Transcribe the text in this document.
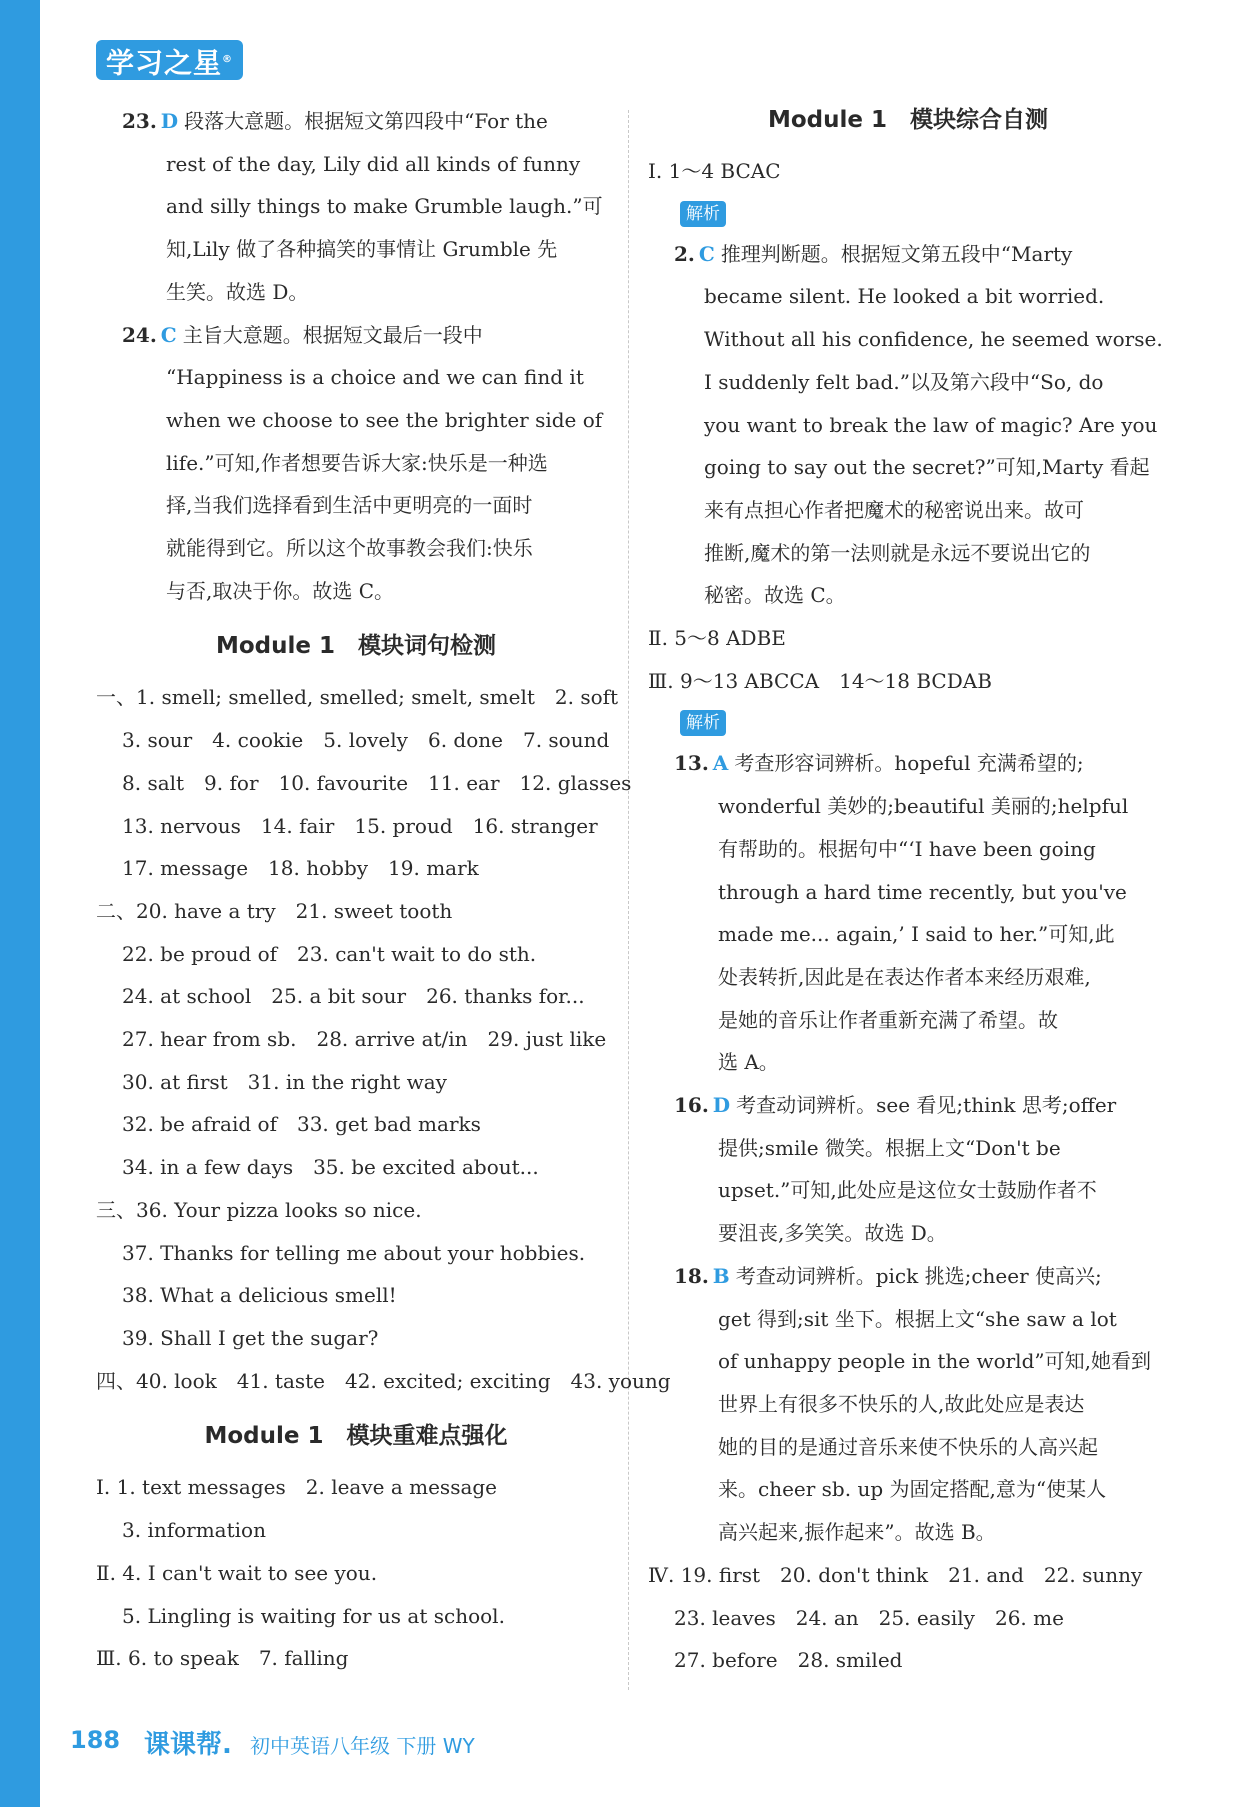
学习之星®
23. D 段落大意题。根据短文第四段中“For the
rest of the day, Lily did all kinds of funny
and silly things to make Grumble laugh.”可
知,Lily 做了各种搞笑的事情让 Grumble 先
生笑。故选 D。
24. C 主旨大意题。根据短文最后一段中
“Happiness is a choice and we can find it
when we choose to see the brighter side of
life.”可知,作者想要告诉大家:快乐是一种选
择,当我们选择看到生活中更明亮的一面时
就能得到它。所以这个故事教会我们:快乐
与否,取决于你。故选 C。
Module 1　模块词句检测
一、1. smell; smelled, smelled; smelt, smelt　2. soft
3. sour　4. cookie　5. lovely　6. done　7. sound
8. salt　9. for　10. favourite　11. ear　12. glasses
13. nervous　14. fair　15. proud　16. stranger
17. message　18. hobby　19. mark
二、20. have a try　21. sweet tooth
22. be proud of　23. can't wait to do sth.
24. at school　25. a bit sour　26. thanks for...
27. hear from sb.　28. arrive at/in　29. just like
30. at first　31. in the right way
32. be afraid of　33. get bad marks
34. in a few days　35. be excited about...
三、36. Your pizza looks so nice.
37. Thanks for telling me about your hobbies.
38. What a delicious smell!
39. Shall I get the sugar?
四、40. look　41. taste　42. excited; exciting　43. young
Module 1　模块重难点强化
Ⅰ. 1. text messages　2. leave a message
3. information
Ⅱ. 4. I can't wait to see you.
5. Lingling is waiting for us at school.
Ⅲ. 6. to speak　7. falling
Module 1　模块综合自测
Ⅰ. 1～4 BCAC
解析
2. C 推理判断题。根据短文第五段中“Marty
became silent. He looked a bit worried.
Without all his confidence, he seemed worse.
I suddenly felt bad.”以及第六段中“So, do
you want to break the law of magic? Are you
going to say out the secret?”可知,Marty 看起
来有点担心作者把魔术的秘密说出来。故可
推断,魔术的第一法则就是永远不要说出它的
秘密。故选 C。
Ⅱ. 5～8 ADBE
Ⅲ. 9～13 ABCCA　14～18 BCDAB
解析
13. A 考查形容词辨析。hopeful 充满希望的;
wonderful 美妙的;beautiful 美丽的;helpful
有帮助的。根据句中“‘I have been going
through a hard time recently, but you've
made me... again,’ I said to her.”可知,此
处表转折,因此是在表达作者本来经历艰难,
是她的音乐让作者重新充满了希望。故
选 A。
16. D 考查动词辨析。see 看见;think 思考;offer
提供;smile 微笑。根据上文“Don't be
upset.”可知,此处应是这位女士鼓励作者不
要沮丧,多笑笑。故选 D。
18. B 考查动词辨析。pick 挑选;cheer 使高兴;
get 得到;sit 坐下。根据上文“she saw a lot
of unhappy people in the world”可知,她看到
世界上有很多不快乐的人,故此处应是表达
她的目的是通过音乐来使不快乐的人高兴起
来。cheer sb. up 为固定搭配,意为“使某人
高兴起来,振作起来”。故选 B。
Ⅳ. 19. first　20. don't think　21. and　22. sunny
23. leaves　24. an　25. easily　26. me
27. before　28. smiled
188 课课帮. 初中英语八年级 下册 WY
